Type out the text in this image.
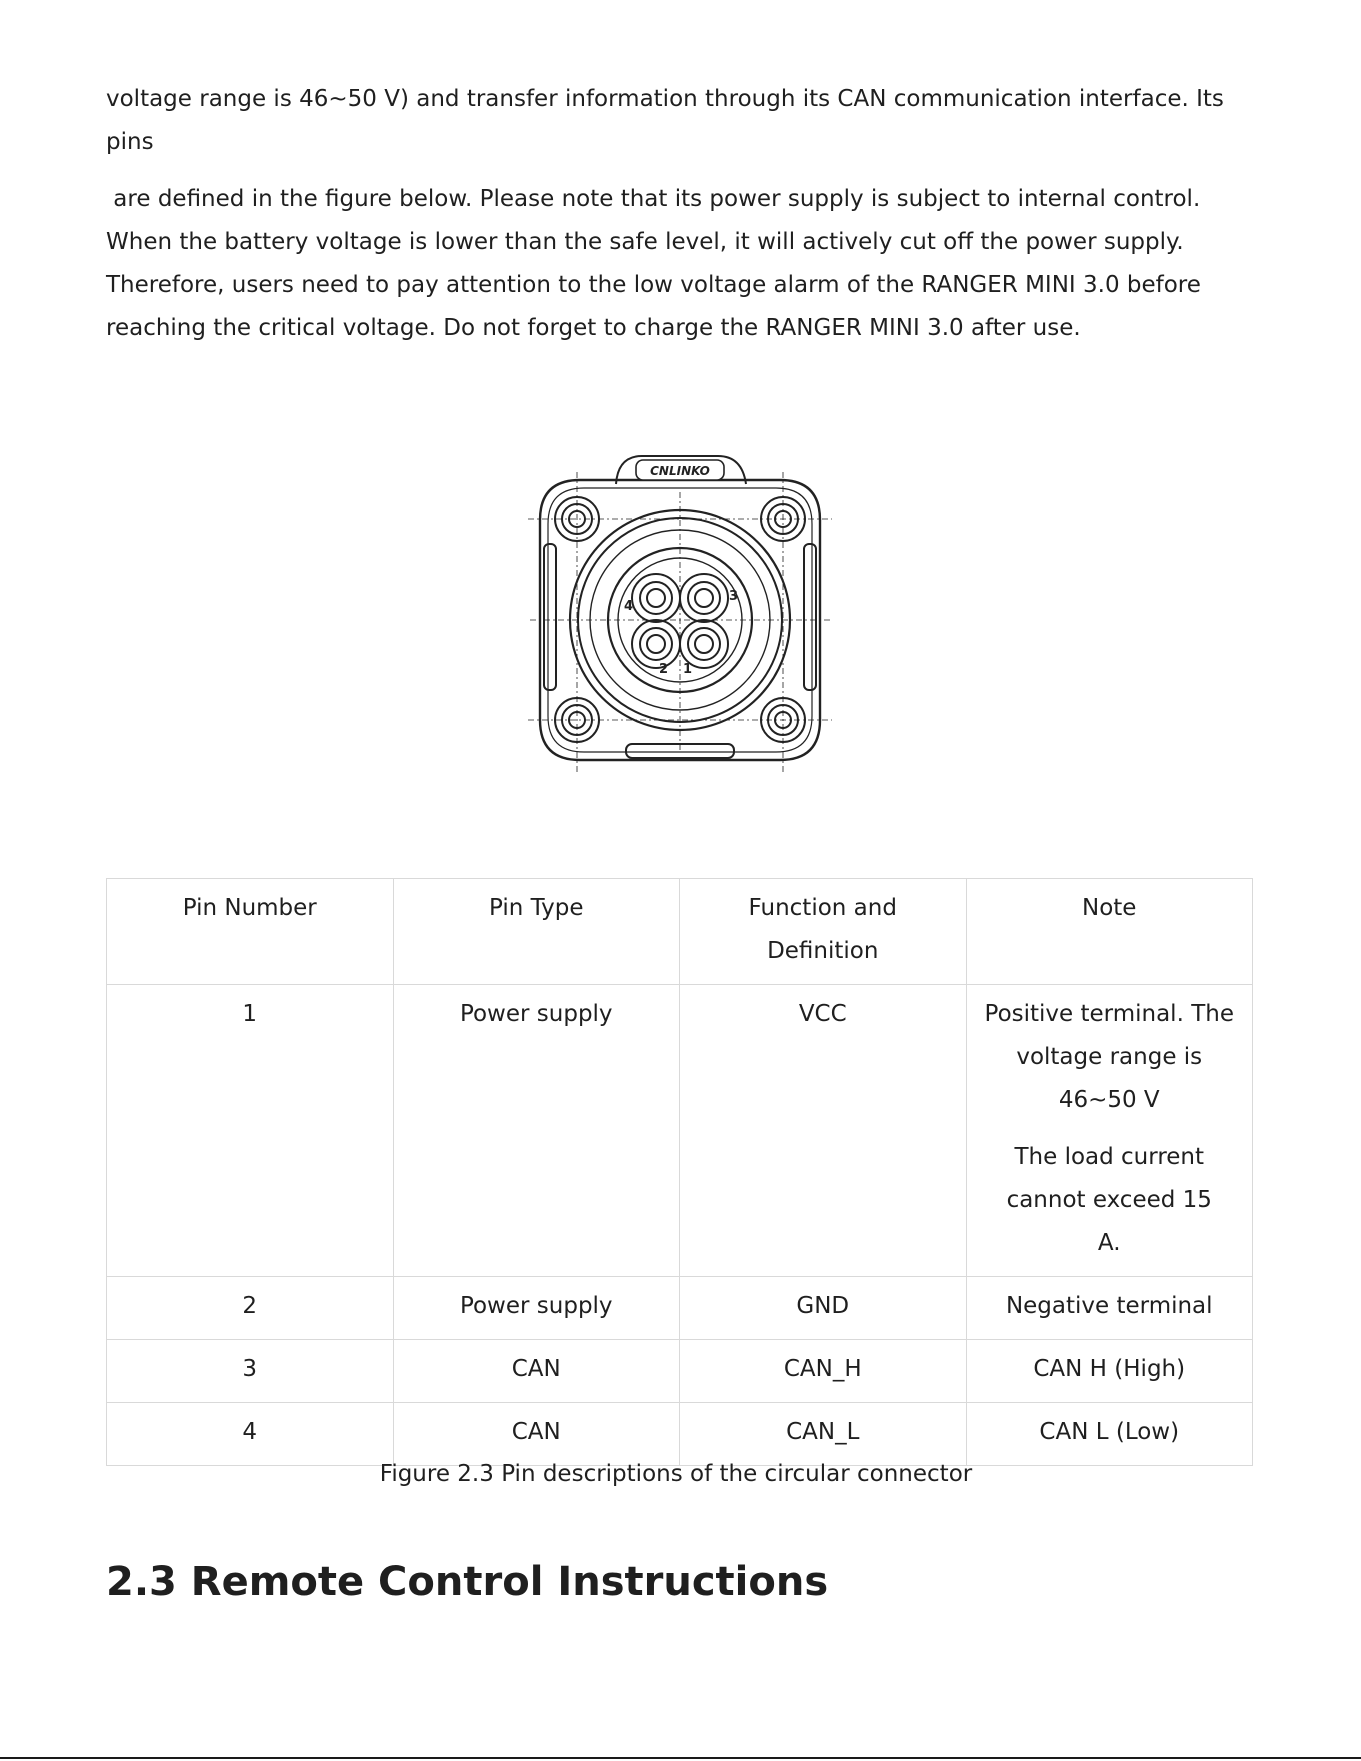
voltage range is 46~50 V) and transfer information through its CAN communication interface. Its
pins
are defined in the figure below. Please note that its power supply is subject to internal control.
When the battery voltage is lower than the safe level, it will actively cut off the power supply.
Therefore, users need to pay attention to the low voltage alarm of the RANGER MINI 3.0 before
reaching the critical voltage. Do not forget to charge the RANGER MINI 3.0 after use.
CNLINKO
1
2
3
4
Pin Number	Pin Type	Function and Definition	Note
1	Power supply	VCC	Positive terminal. The voltage range is 46~50 V
The load current cannot exceed 15 A.

2	Power supply	GND	Negative terminal
3	CAN	CAN_H	CAN H (High)
4	CAN	CAN_L	CAN L (Low)
Figure 2.3 Pin descriptions of the circular connector
2.3 Remote Control Instructions
